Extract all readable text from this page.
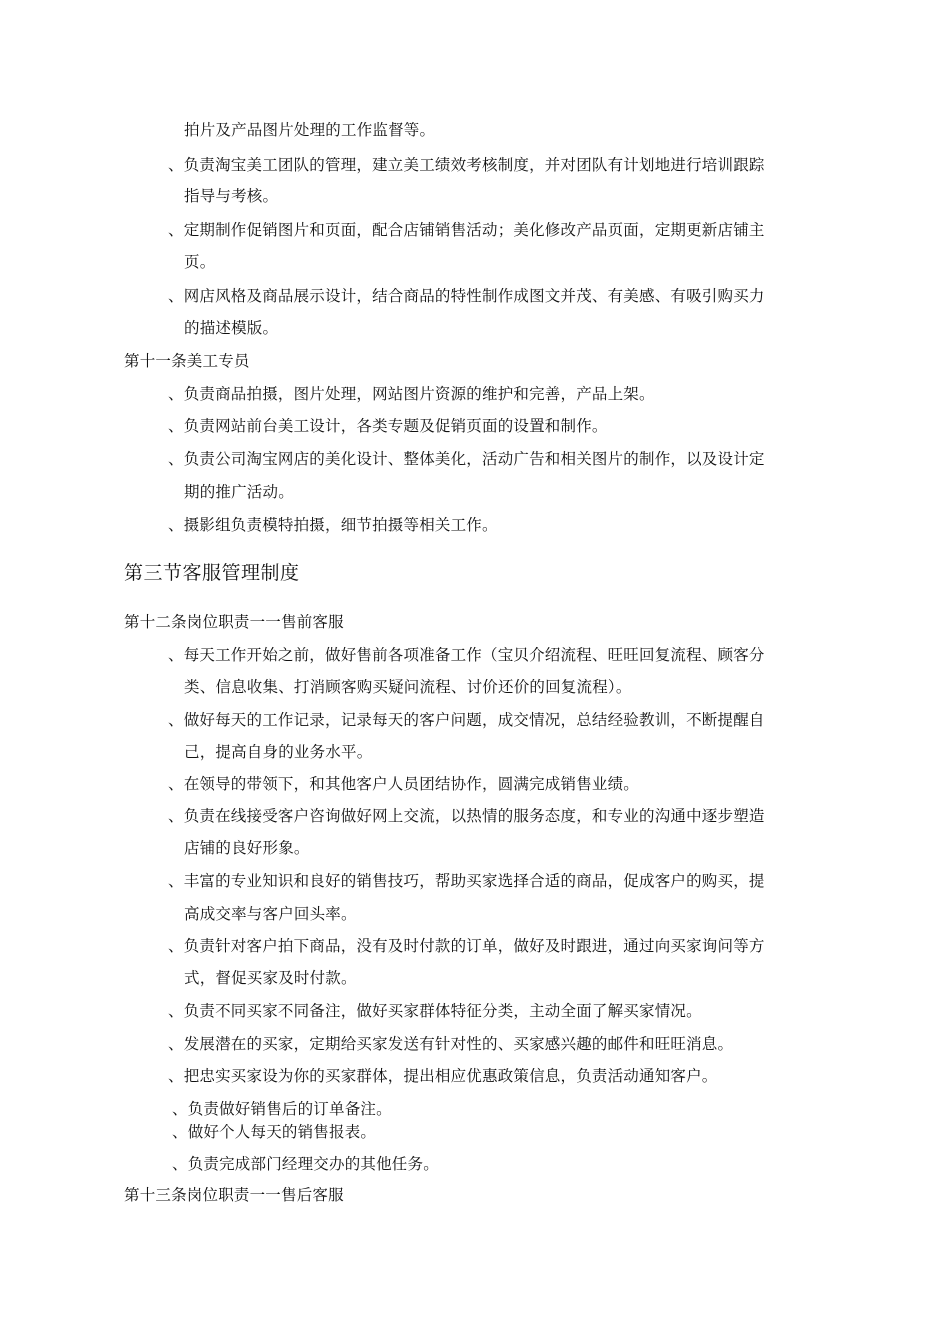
拍片及产品图片处理的工作监督等。
、负责淘宝美工团队的管理，建立美工绩效考核制度，并对团队有计划地进行培训跟踪
指导与考核。
、定期制作促销图片和页面，配合店铺销售活动；美化修改产品页面，定期更新店铺主
页。
、网店风格及商品展示设计，结合商品的特性制作成图文并茂、有美感、有吸引购买力
的描述模版。
第十一条美工专员
、负责商品拍摄，图片处理，网站图片资源的维护和完善，产品上架。
、负责网站前台美工设计，各类专题及促销页面的设置和制作。
、负责公司淘宝网店的美化设计、整体美化，活动广告和相关图片的制作，以及设计定
期的推广活动。
、摄影组负责模特拍摄，细节拍摄等相关工作。
第三节客服管理制度
第十二条岗位职责一一售前客服
、每天工作开始之前，做好售前各项准备工作（宝贝介绍流程、旺旺回复流程、顾客分
类、信息收集、打消顾客购买疑问流程、讨价还价的回复流程）。
、做好每天的工作记录，记录每天的客户问题，成交情况，总结经验教训，不断提醒自
己，提高自身的业务水平。
、在领导的带领下，和其他客户人员团结协作，圆满完成销售业绩。
、负责在线接受客户咨询做好网上交流，以热情的服务态度，和专业的沟通中逐步塑造
店铺的良好形象。
、丰富的专业知识和良好的销售技巧，帮助买家选择合适的商品，促成客户的购买，提
高成交率与客户回头率。
、负责针对客户拍下商品，没有及时付款的订单，做好及时跟进，通过向买家询问等方
式，督促买家及时付款。
、负责不同买家不同备注，做好买家群体特征分类，主动全面了解买家情况。
、发展潜在的买家，定期给买家发送有针对性的、买家感兴趣的邮件和旺旺消息。
、把忠实买家设为你的买家群体，提出相应优惠政策信息，负责活动通知客户。
、负责做好销售后的订单备注。
、做好个人每天的销售报表。
、负责完成部门经理交办的其他任务。
第十三条岗位职责一一售后客服
